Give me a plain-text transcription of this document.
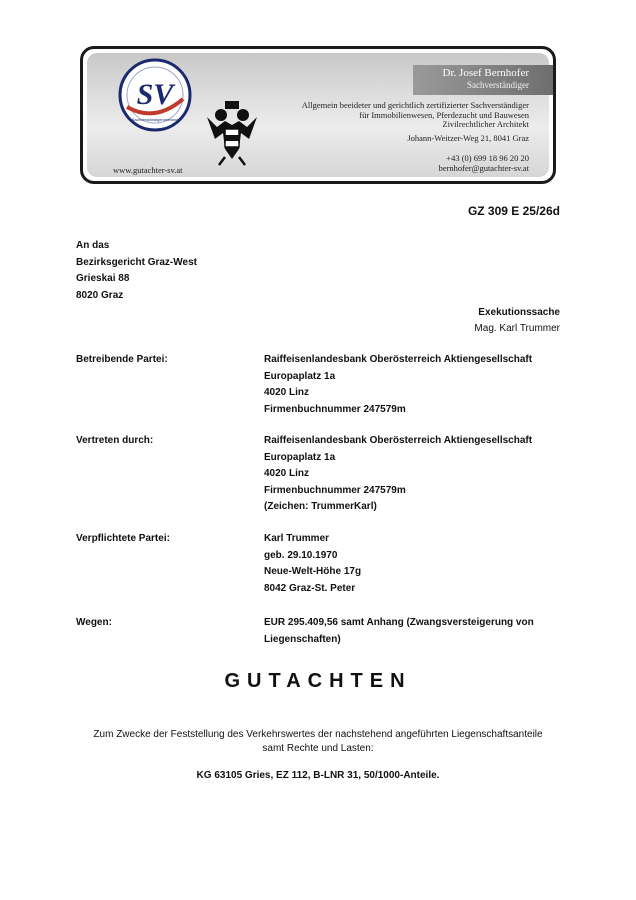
SV
Sachverständigenverband
Dr. Josef Bernhofer
Sachverständiger
Allgemein beeideter und gerichtlich zertifizierter Sachverständiger
für Immobilienwesen, Pferdezucht und Bauwesen
Zivilrechtlicher Architekt
Johann-Weitzer-Weg 21, 8041 Graz
+43 (0) 699 18 96 20 20
bernhofer@gutachter-sv.at
www.gutachter-sv.at
GZ 309 E 25/26d
An das
Bezirksgericht Graz-West
Grieskai 88
8020 Graz
Exekutionssache
Mag. Karl Trummer
Betreibende Partei:	Raiffeisenlandesbank Oberösterreich Aktiengesellschaft
Europaplatz 1a
4020 Linz
Firmenbuchnummer 247579m
Vertreten durch:	Raiffeisenlandesbank Oberösterreich Aktiengesellschaft
Europaplatz 1a
4020 Linz
Firmenbuchnummer 247579m
(Zeichen: TrummerKarl)
Verpflichtete Partei:	Karl Trummer
geb. 29.10.1970
Neue-Welt-Höhe 17g
8042 Graz-St. Peter
Wegen:	EUR 295.409,56 samt Anhang (Zwangsversteigerung von
Liegenschaften)
GUTACHTEN
Zum Zwecke der Feststellung des Verkehrswertes der nachstehend angeführten Liegenschaftsanteile
samt Rechte und Lasten:
KG 63105 Gries, EZ 112, B-LNR 31, 50/1000-Anteile.
